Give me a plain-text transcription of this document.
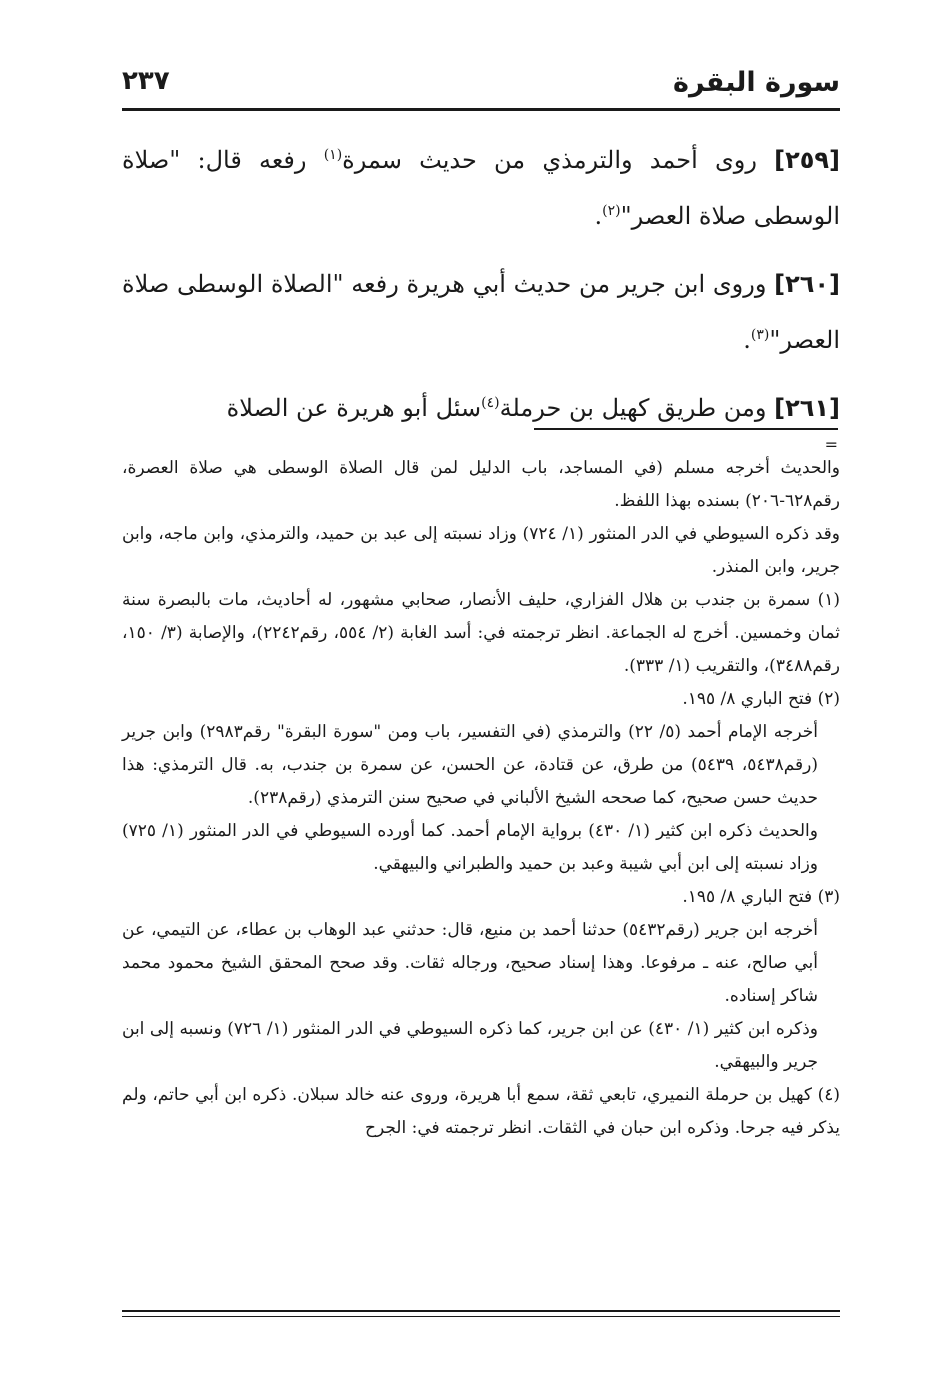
سورة البقرة
٢٣٧

[٢٥٩] روى أحمد والترمذي من حديث سمرة$^{(١)}$ رفعه قال: "صلاة الوسطى صلاة العصر"$^{(٢)}$.

[٢٦٠] وروى ابن جرير من حديث أبي هريرة رفعه "الصلاة الوسطى صلاة العصر"$^{(٣)}$.

[٢٦١] ومن طريق كهيل بن حرملة$^{(٤)}$سئل أبو هريرة عن الصلاة

=

والحديث أخرجه مسلم (في المساجد، باب الدليل لمن قال الصلاة الوسطى هي صلاة العصرة، رقم٦٢٨-٢٠٦) بسنده بهذا اللفظ.

وقد ذكره السيوطي في الدر المنثور (١/ ٧٢٤) وزاد نسبته إلى عبد بن حميد، والترمذي، وابن ماجه، وابن جرير، وابن المنذر.

(١) سمرة بن جندب بن هلال الفزاري، حليف الأنصار، صحابي مشهور، له أحاديث، مات بالبصرة سنة ثمان وخمسين. أخرج له الجماعة. انظر ترجمته في: أسد الغابة (٢/ ٥٥٤، رقم٢٢٤٢)، والإصابة (٣/ ١٥٠، رقم٣٤٨٨)، والتقريب (١/ ٣٣٣).

(٢) فتح الباري ٨/ ١٩٥.

أخرجه الإمام أحمد (٥/ ٢٢) والترمذي (في التفسير، باب ومن "سورة البقرة" رقم٢٩٨٣) وابن جرير (رقم٥٤٣٨، ٥٤٣٩) من طرق، عن قتادة، عن الحسن، عن سمرة بن جندب، به. قال الترمذي: هذا حديث حسن صحيح، كما صححه الشيخ الألباني في صحيح سنن الترمذي (رقم٢٣٨).

والحديث ذكره ابن كثير (١/ ٤٣٠) برواية الإمام أحمد. كما أورده السيوطي في الدر المنثور (١/ ٧٢٥) وزاد نسبته إلى ابن أبي شيبة وعبد بن حميد والطبراني والبيهقي.

(٣) فتح الباري ٨/ ١٩٥.

أخرجه ابن جرير (رقم٥٤٣٢) حدثنا أحمد بن منيع، قال: حدثني عبد الوهاب بن عطاء، عن التيمي، عن أبي صالح، عنه ـ مرفوعا. وهذا إسناد صحيح، ورجاله ثقات. وقد صحح المحقق الشيخ محمود محمد شاكر إسناده.

وذكره ابن كثير (١/ ٤٣٠) عن ابن جرير، كما ذكره السيوطي في الدر المنثور (١/ ٧٢٦) ونسبه إلى ابن جرير والبيهقي.

(٤) كهيل بن حرملة النميري، تابعي ثقة، سمع أبا هريرة، وروى عنه خالد سبلان. ذكره ابن أبي حاتم، ولم يذكر فيه جرحا. وذكره ابن حبان في الثقات. انظر ترجمته في: الجرح
